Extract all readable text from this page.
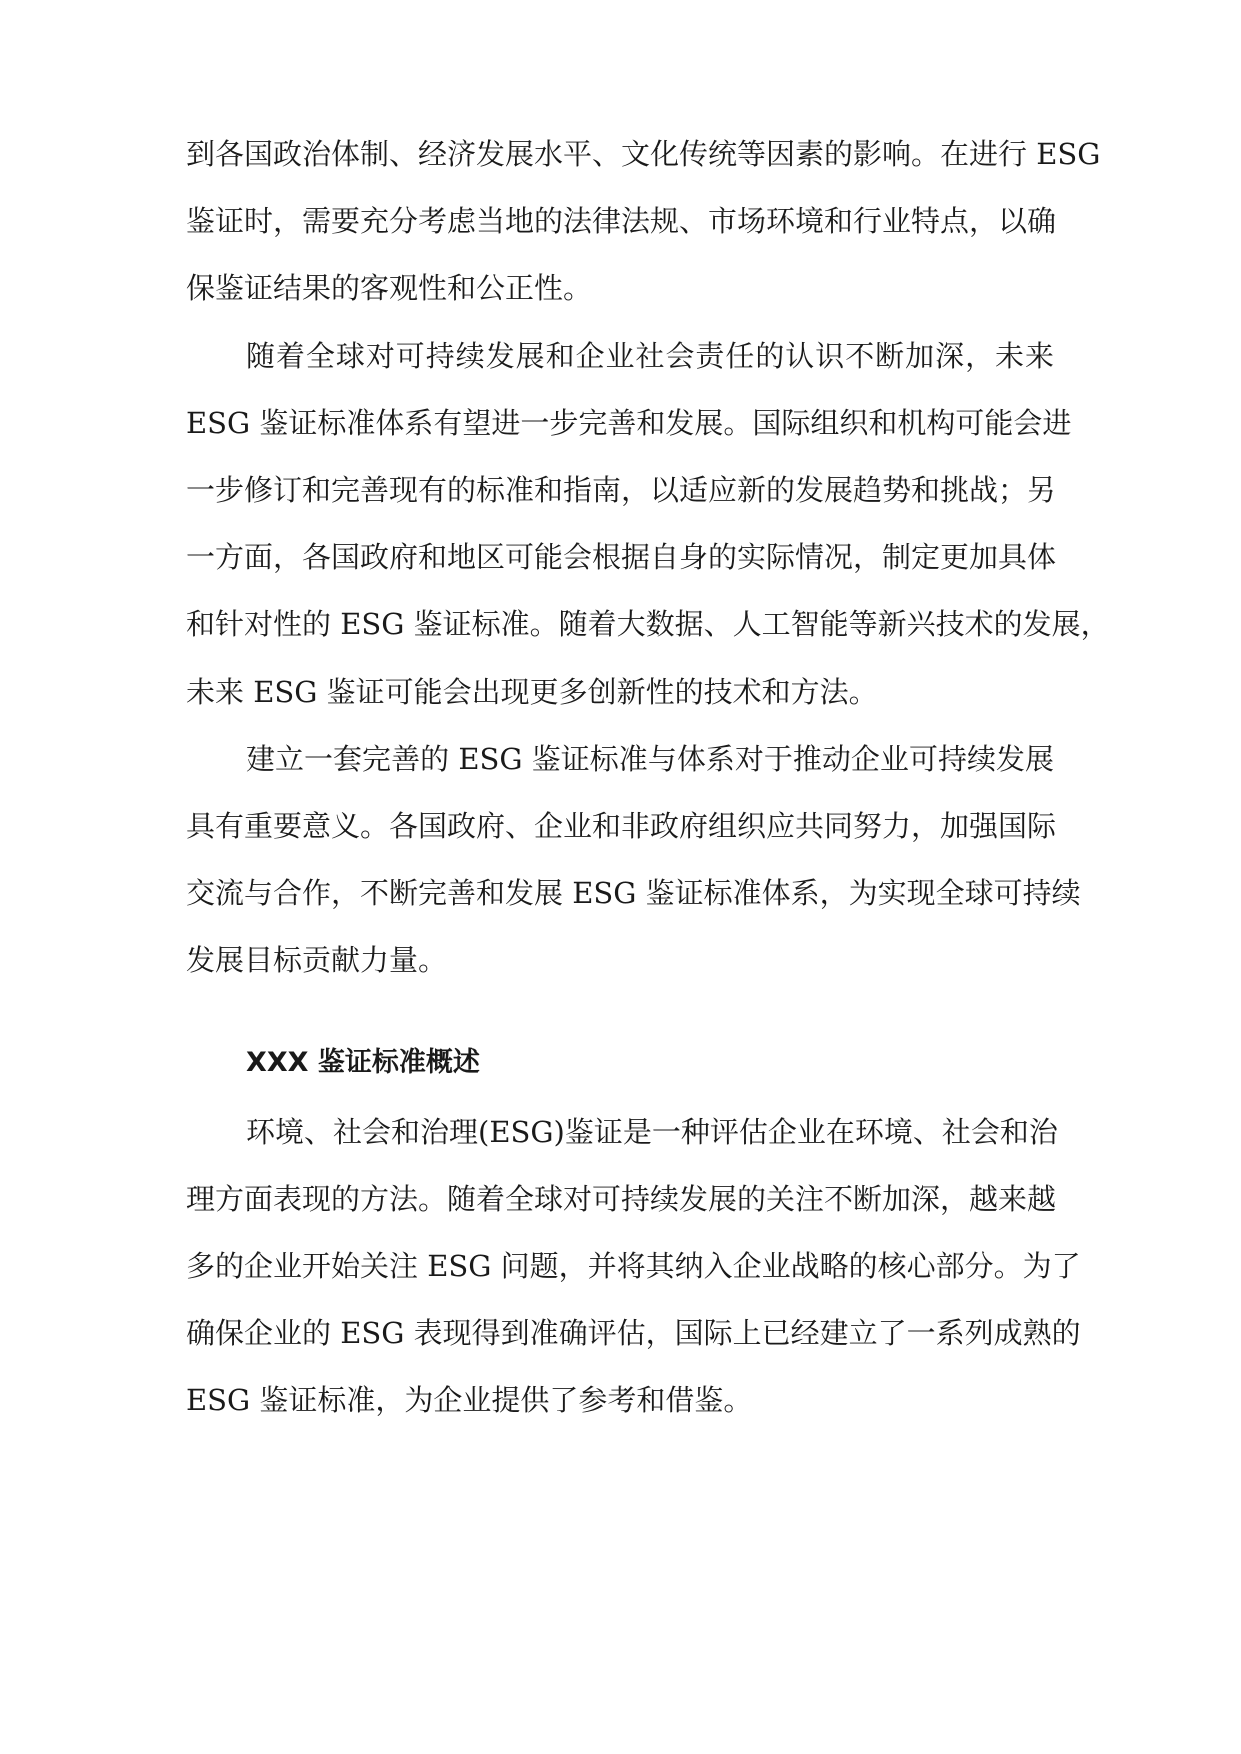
到各国政治体制、经济发展水平、文化传统等因素的影响。在进行 ESG
鉴证时，需要充分考虑当地的法律法规、市场环境和行业特点，以确
保鉴证结果的客观性和公正性。
随着全球对可持续发展和企业社会责任的认识不断加深，未来
ESG 鉴证标准体系有望进一步完善和发展。国际组织和机构可能会进
一步修订和完善现有的标准和指南，以适应新的发展趋势和挑战；另
一方面，各国政府和地区可能会根据自身的实际情况，制定更加具体
和针对性的 ESG 鉴证标准。随着大数据、人工智能等新兴技术的发展，
未来 ESG 鉴证可能会出现更多创新性的技术和方法。
建立一套完善的 ESG 鉴证标准与体系对于推动企业可持续发展
具有重要意义。各国政府、企业和非政府组织应共同努力，加强国际
交流与合作，不断完善和发展 ESG 鉴证标准体系，为实现全球可持续
发展目标贡献力量。
XXX 鉴证标准概述
环境、社会和治理(ESG)鉴证是一种评估企业在环境、社会和治
理方面表现的方法。随着全球对可持续发展的关注不断加深，越来越
多的企业开始关注 ESG 问题，并将其纳入企业战略的核心部分。为了
确保企业的 ESG 表现得到准确评估，国际上已经建立了一系列成熟的
ESG 鉴证标准，为企业提供了参考和借鉴。
